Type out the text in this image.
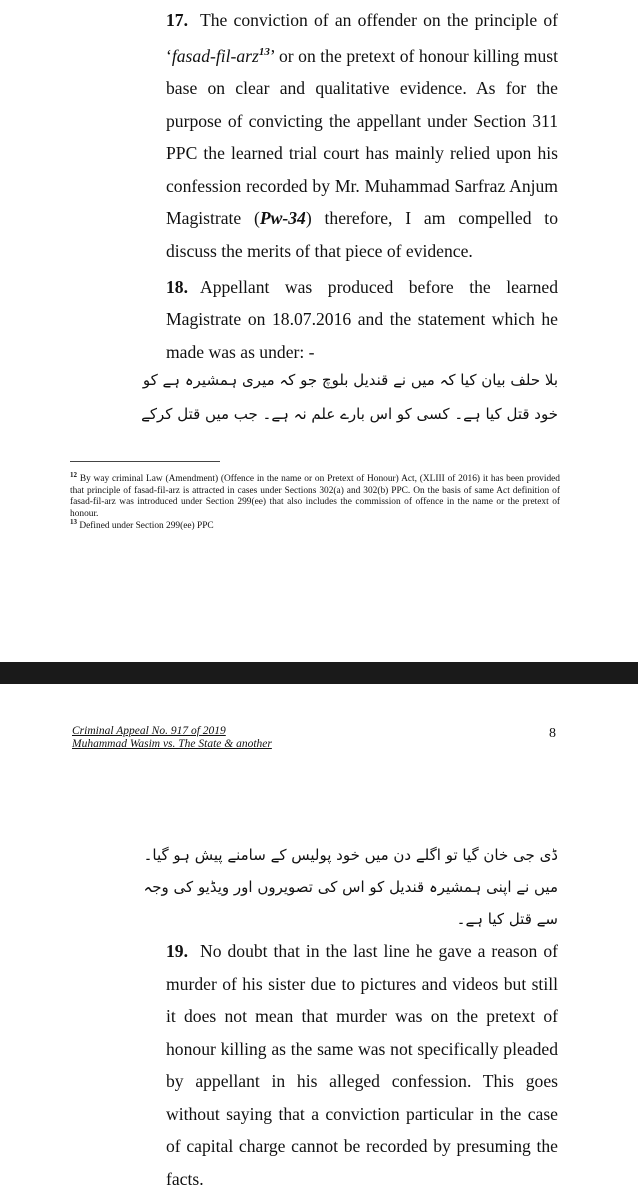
17. The conviction of an offender on the principle of ‘fasad-fil-arz$^{13}$’ or on the pretext of honour killing must base on clear and qualitative evidence. As for the purpose of convicting the appellant under Section 311 PPC the learned trial court has mainly relied upon his confession recorded by Mr. Muhammad Sarfraz Anjum Magistrate (Pw-34) therefore, I am compelled to discuss the merits of that piece of evidence.

18. Appellant was produced before the learned Magistrate on 18.07.2016 and the statement which he made was as under: -

بلا حلف بیان کیا کہ میں نے قندیل بلوچ جو کہ میری ہمشیرہ ہے کو
خود قتل کیا ہے۔ کسی کو اس بارے علم نہ ہے۔ جب میں قتل کرکے
$^{12}$ By way criminal Law (Amendment) (Offence in the name or on Pretext of Honour) Act, (XLIII of 2016) it has been provided that principle of fasad-fil-arz is attracted in cases under Sections 302(a) and 302(b) PPC. On the basis of same Act definition of fasad-fil-arz was introduced under Section 299(ee) that also includes the commission of offence in the name or the pretext of honour.
$^{13}$ Defined under Section 299(ee) PPC
Criminal Appeal No. 917 of 2019
Muhammad Wasim vs. The State & another
8
ڈی جی خان گیا تو اگلے دن میں خود پولیس کے سامنے پیش ہو گیا۔
میں نے اپنی ہمشیرہ قندیل کو اس کی تصویروں اور ویڈیو کی وجہ
سے قتل کیا ہے۔

19. No doubt that in the last line he gave a reason of murder of his sister due to pictures and videos but still it does not mean that murder was on the pretext of honour killing as the same was not specifically pleaded by appellant in his alleged confession. This goes without saying that a conviction particular in the case of capital charge cannot be recorded by presuming the facts.
